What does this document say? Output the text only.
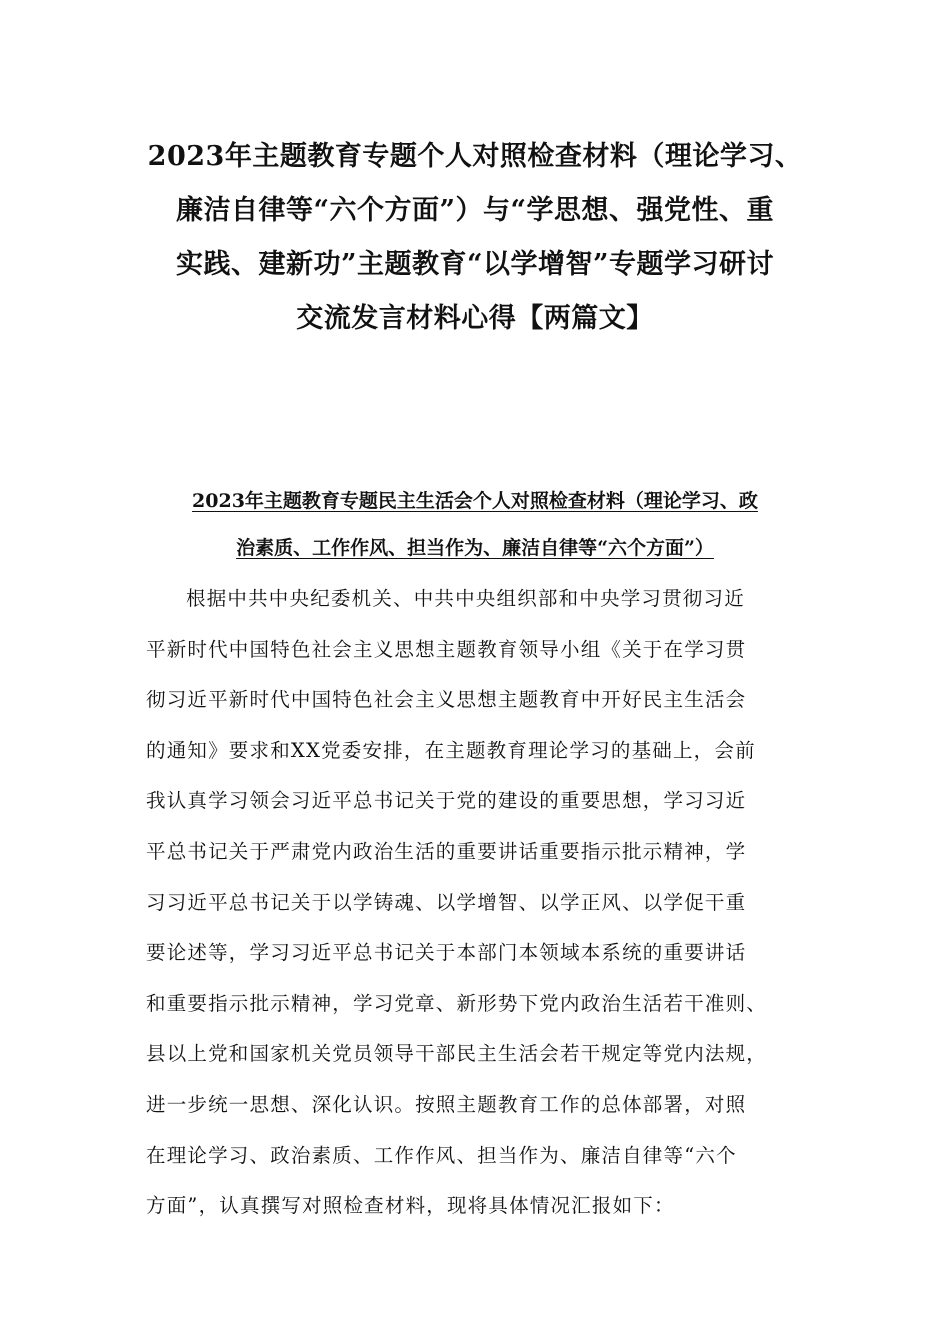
2023年主题教育专题个人对照检查材料（理论学习、
廉洁自律等“六个方面”）与“学思想、强党性、重
实践、建新功”主题教育“以学增智”专题学习研讨
交流发言材料心得【两篇文】
2023年主题教育专题民主生活会个人对照检查材料（理论学习、政
治素质、工作作风、担当作为、廉洁自律等“六个方面”）
根据中共中央纪委机关、中共中央组织部和中央学习贯彻习近
平新时代中国特色社会主义思想主题教育领导小组《关于在学习贯
彻习近平新时代中国特色社会主义思想主题教育中开好民主生活会
的通知》要求和XX党委安排，在主题教育理论学习的基础上，会前
我认真学习领会习近平总书记关于党的建设的重要思想，学习习近
平总书记关于严肃党内政治生活的重要讲话重要指示批示精神，学
习习近平总书记关于以学铸魂、以学增智、以学正风、以学促干重
要论述等，学习习近平总书记关于本部门本领域本系统的重要讲话
和重要指示批示精神，学习党章、新形势下党内政治生活若干准则、
县以上党和国家机关党员领导干部民主生活会若干规定等党内法规，
进一步统一思想、深化认识。按照主题教育工作的总体部署，对照
在理论学习、政治素质、工作作风、担当作为、廉洁自律等“六个
方面”，认真撰写对照检查材料，现将具体情况汇报如下：
